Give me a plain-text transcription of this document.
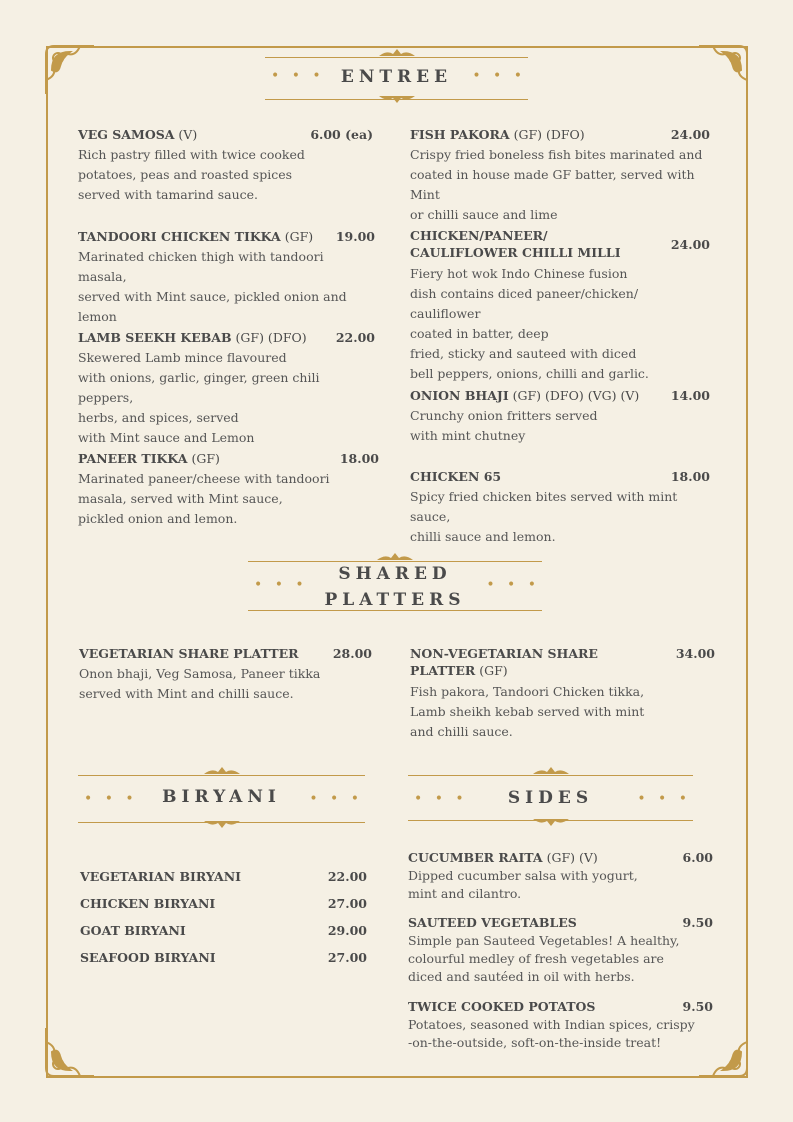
• • • ENTREE	• • •
VEG SAMOSA (V)	6.00 (ea)
Rich pastry filled with twice cooked
potatoes, peas and roasted spices
served with tamarind sauce.
TANDOORI CHICKEN TIKKA (GF)	19.00
Marinated chicken thigh with tandoori masala,
served with Mint sauce, pickled onion and lemon
LAMB SEEKH KEBAB (GF) (DFO)	22.00
Skewered Lamb mince flavoured
with onions, garlic, ginger, green chili peppers,
herbs, and spices, served
with Mint sauce and Lemon
PANEER TIKKA (GF)	18.00
Marinated paneer/cheese with tandoori
masala, served with Mint sauce,
pickled onion and lemon.
FISH PAKORA (GF) (DFO)	24.00
Crispy fried boneless fish bites marinated and
coated in house made GF batter, served with Mint
or chilli sauce and lime
CHICKEN/PANEER/
CAULIFLOWER CHILLI MILLI
24.00
Fiery hot wok Indo Chinese fusion
dish contains diced paneer/chicken/ cauliflower
coated in batter, deep
fried, sticky and sauteed with diced
bell peppers, onions, chilli and garlic.
ONION BHAJI (GF) (DFO) (VG) (V)	14.00
Crunchy onion fritters served
with mint chutney
CHICKEN 65	18.00
Spicy fried chicken bites served with mint sauce,
chilli sauce and lemon.
• • •
SHARED
PLATTERS
• • •
VEGETARIAN SHARE PLATTER	28.00
Onon bhaji, Veg Samosa, Paneer tikka
served with Mint and chilli sauce.
NON-VEGETARIAN SHARE
PLATTER (GF)
34.00
Fish pakora, Tandoori Chicken tikka,
Lamb sheikh kebab served with mint
and chilli sauce.
• • •	BIRYANI	• • •
VEGETARIAN BIRYANI	22.00
CHICKEN BIRYANI	27.00
GOAT BIRYANI	29.00
SEAFOOD BIRYANI	27.00
• • •	SIDES	• • •
CUCUMBER RAITA (GF) (V)	6.00
Dipped cucumber salsa with yogurt,
mint and cilantro.
SAUTEED VEGETABLES	9.50
Simple pan Sauteed Vegetables! A healthy,
colourful medley of fresh vegetables are
diced and sautéed in oil with herbs.
TWICE COOKED POTATOS	9.50
Potatoes, seasoned with Indian spices, crispy
-on-the-outside, soft-on-the-inside treat!
